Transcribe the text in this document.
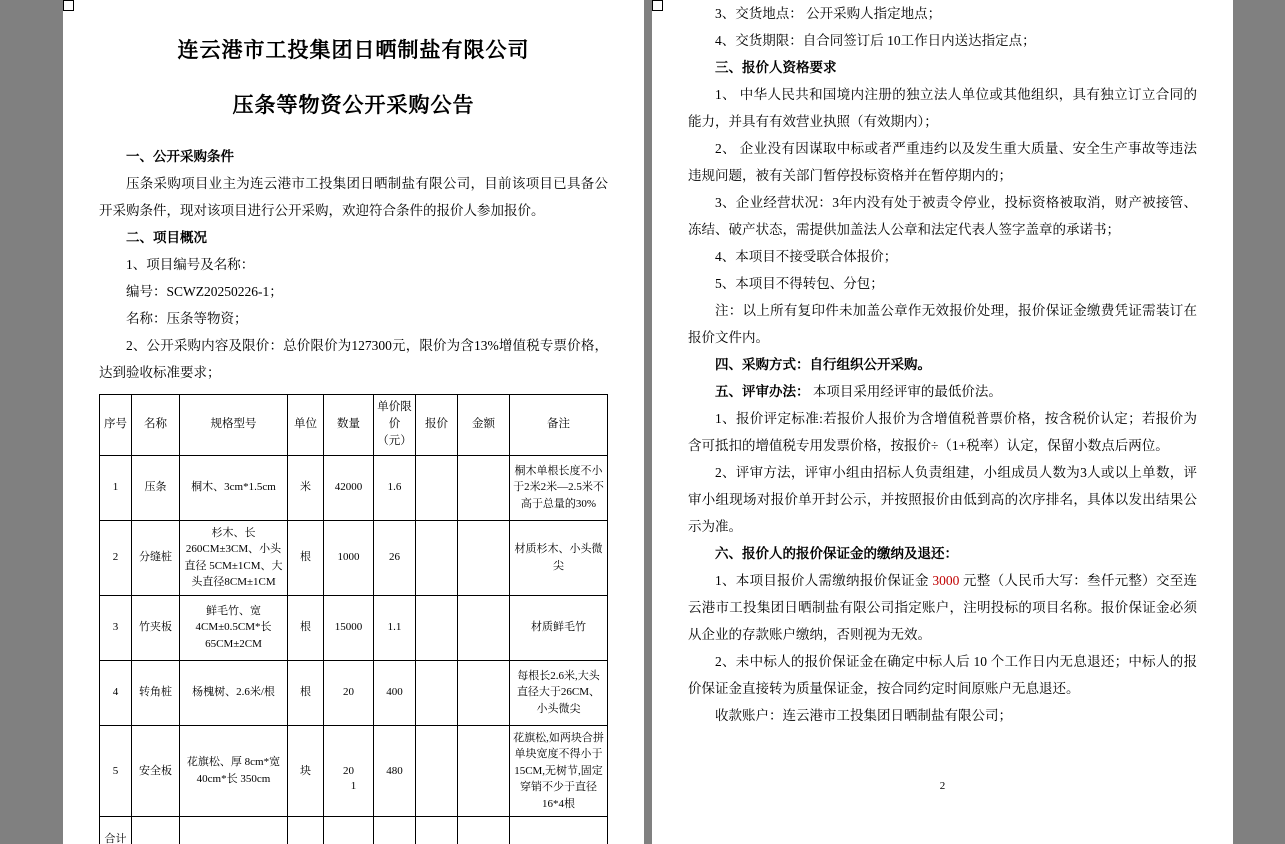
连云港市工投集团日晒制盐有限公司
压条等物资公开采购公告

一、公开采购条件

压条采购项目业主为连云港市工投集团日晒制盐有限公司，目前该项目已具备公开采购条件，现对该项目进行公开采购，欢迎符合条件的报价人参加报价。

二、项目概况

1、项目编号及名称：

编号：SCWZ20250226-1；

名称：压条等物资；

2、公开采购内容及限价：总价限价为127300元，限价为含13%增值税专票价格，达到验收标准要求；

序号	名称	规格型号	单位	数量	单价限价（元）	报价	金额	备注
1	压条	桐木、3cm*1.5cm	米	42000	1.6			桐木单根长度不小于2米2米—2.5米不高于总量的30%
2	分缝桩	杉木、长 260CM±3CM、小头直径 5CM±1CM、大头直径8CM±1CM	根	1000	26			材质杉木、小头微尖
3	竹夹板	鲜毛竹、宽 4CM±0.5CM*长 65CM±2CM	根	15000	1.1			材质鲜毛竹
4	转角桩	杨槐树、2.6米/根	根	20	400			每根长2.6米,大头直径大于26CM、小头微尖
5	安全板	花旗松、厚 8cm*宽 40cm*长 350cm	块	20	480			花旗松,如两块合拼单块宽度不得小于15CM,无树节,固定穿销不少于直径16*4根
合计								
1

3、交货地点： 公开采购人指定地点；

4、交货期限：自合同签订后 10工作日内送达指定点；

三、报价人资格要求

1、 中华人民共和国境内注册的独立法人单位或其他组织，具有独立订立合同的能力，并具有有效营业执照（有效期内）；

2、 企业没有因谋取中标或者严重违约以及发生重大质量、安全生产事故等违法违规问题，被有关部门暂停投标资格并在暂停期内的；

3、企业经营状况：3年内没有处于被责令停业，投标资格被取消，财产被接管、冻结、破产状态，需提供加盖法人公章和法定代表人签字盖章的承诺书；

4、本项目不接受联合体报价；

5、本项目不得转包、分包；

注：以上所有复印件未加盖公章作无效报价处理，报价保证金缴费凭证需装订在报价文件内。

四、采购方式：自行组织公开采购。

五、评审办法： 本项目采用经评审的最低价法。

1、报价评定标准:若报价人报价为含增值税普票价格，按含税价认定；若报价为含可抵扣的增值税专用发票价格，按报价÷（1+税率）认定，保留小数点后两位。

2、评审方法，评审小组由招标人负责组建，小组成员人数为3人或以上单数，评审小组现场对报价单开封公示，并按照报价由低到高的次序排名，具体以发出结果公示为准。

六、报价人的报价保证金的缴纳及退还：

1、本项目报价人需缴纳报价保证金 3000 元整（人民币大写：叁仟元整）交至连云港市工投集团日晒制盐有限公司指定账户，注明投标的项目名称。报价保证金必须从企业的存款账户缴纳，否则视为无效。

2、未中标人的报价保证金在确定中标人后 10 个工作日内无息退还；中标人的报价保证金直接转为质量保证金，按合同约定时间原账户无息退还。

收款账户：连云港市工投集团日晒制盐有限公司；

2
